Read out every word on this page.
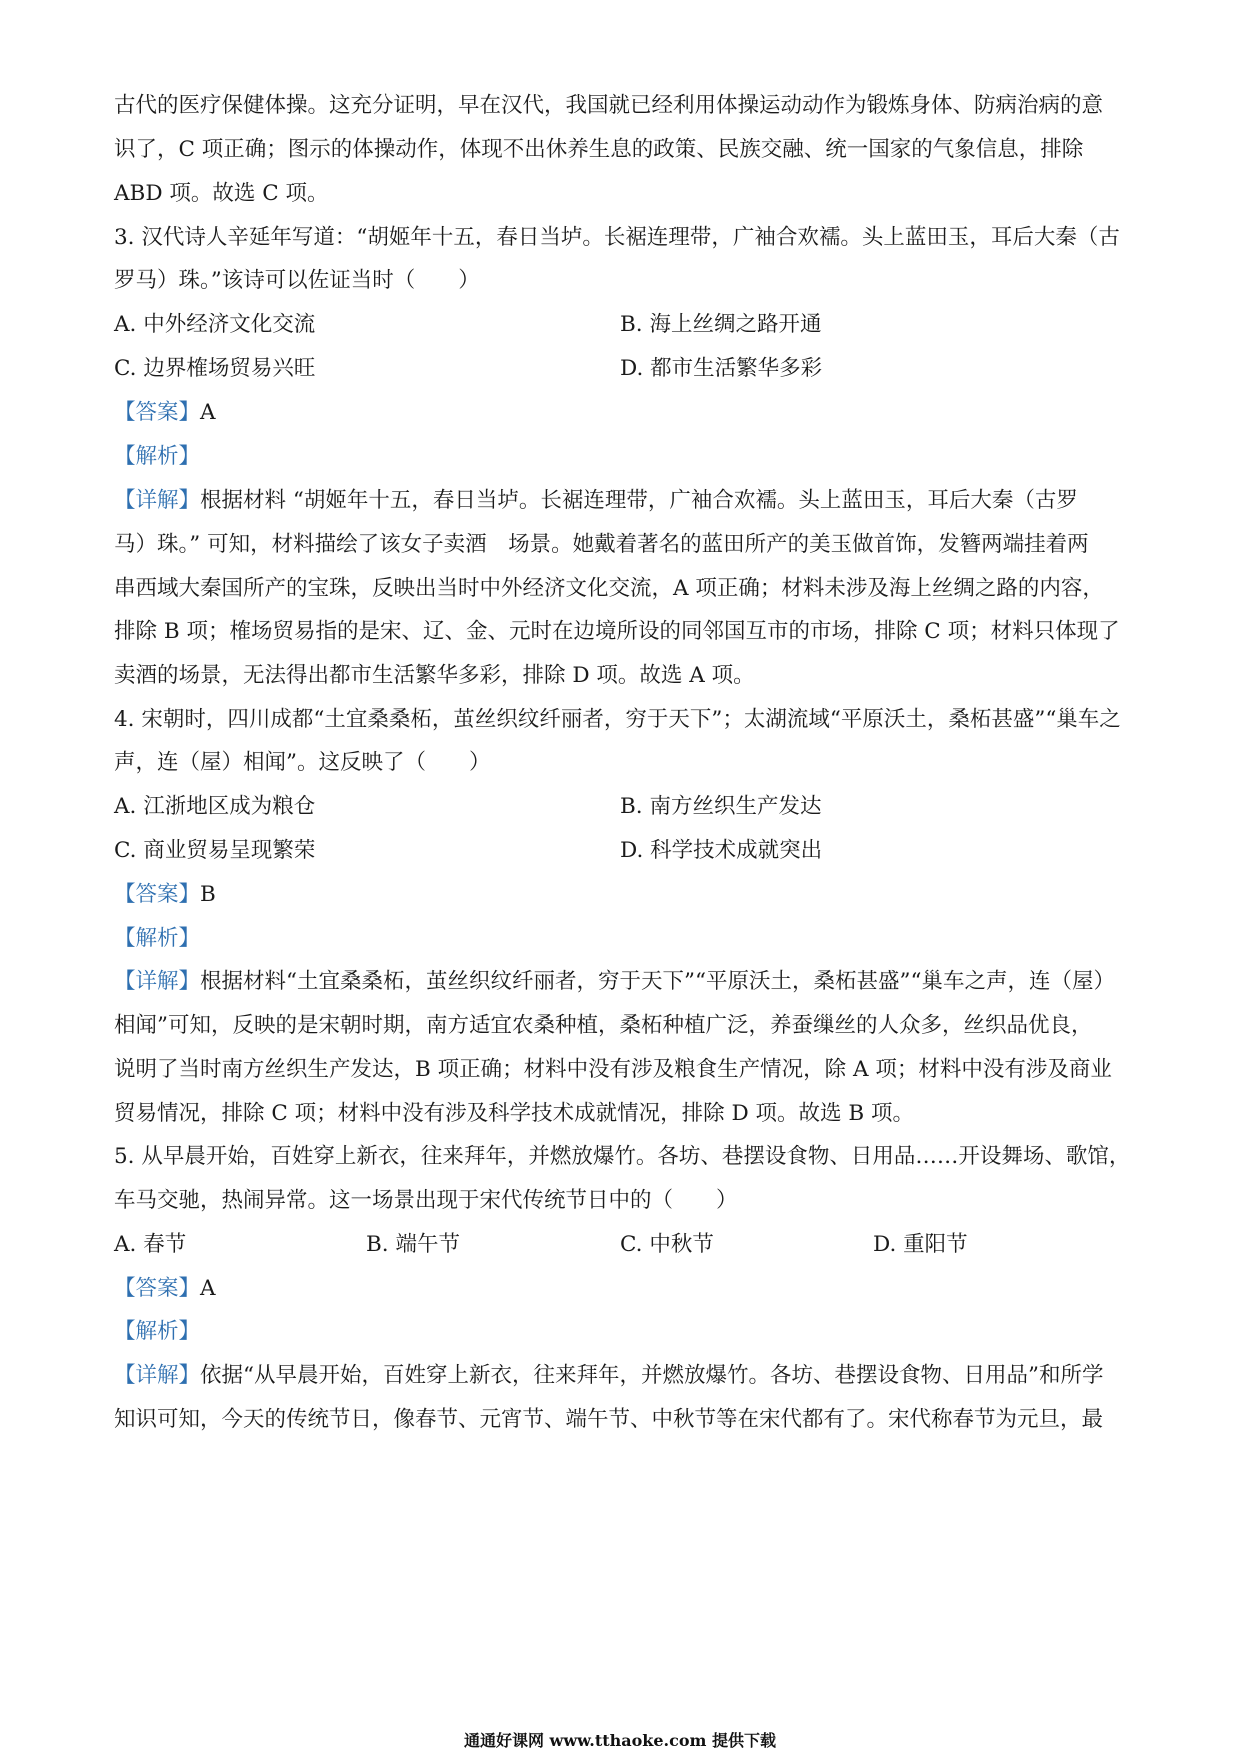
古代的医疗保健体操。这充分证明，早在汉代，我国就已经利用体操运动动作为锻炼身体、防病治病的意
识了，C 项正确；图示的体操动作，体现不出休养生息的政策、民族交融、统一国家的气象信息，排除
ABD 项。故选 C 项。
3. 汉代诗人辛延年写道：“胡姬年十五，春日当垆。长裾连理带，广袖合欢襦。头上蓝田玉，耳后大秦（古
罗马）珠。”该诗可以佐证当时（　　）
A. 中外经济文化交流	B. 海上丝绸之路开通
C. 边界榷场贸易兴旺	D. 都市生活繁华多彩
【答案】A
【解析】
【详解】根据材料 “胡姬年十五，春日当垆。长裾连理带，广袖合欢襦。头上蓝田玉，耳后大秦（古罗
马）珠。” 可知，材料描绘了该女子卖酒　场景。她戴着著名的蓝田所产的美玉做首饰，发簪两端挂着两
串西域大秦国所产的宝珠，反映出当时中外经济文化交流，A 项正确；材料未涉及海上丝绸之路的内容，
排除 B 项；榷场贸易指的是宋、辽、金、元时在边境所设的同邻国互市的市场，排除 C 项；材料只体现了
卖酒的场景，无法得出都市生活繁华多彩，排除 D 项。故选 A 项。
4. 宋朝时，四川成都“土宜桑桑柘，茧丝织纹纤丽者，穷于天下”；太湖流域“平原沃土，桑柘甚盛”“巢车之
声，连（屋）相闻”。这反映了（　　）
A. 江浙地区成为粮仓	B. 南方丝织生产发达
C. 商业贸易呈现繁荣	D. 科学技术成就突出
【答案】B
【解析】
【详解】根据材料“土宜桑桑柘，茧丝织纹纤丽者，穷于天下”“平原沃土，桑柘甚盛”“巢车之声，连（屋）
相闻”可知，反映的是宋朝时期，南方适宜农桑种植，桑柘种植广泛，养蚕缫丝的人众多，丝织品优良，
说明了当时南方丝织生产发达，B 项正确；材料中没有涉及粮食生产情况，除 A 项；材料中没有涉及商业
贸易情况，排除 C 项；材料中没有涉及科学技术成就情况，排除 D 项。故选 B 项。
5. 从早晨开始，百姓穿上新衣，往来拜年，并燃放爆竹。各坊、巷摆设食物、日用品……开设舞场、歌馆，
车马交驰，热闹异常。这一场景出现于宋代传统节日中的（　　）
A. 春节	B. 端午节	C. 中秋节	D. 重阳节
【答案】A
【解析】
【详解】依据“从早晨开始，百姓穿上新衣，往来拜年，并燃放爆竹。各坊、巷摆设食物、日用品”和所学
知识可知，今天的传统节日，像春节、元宵节、端午节、中秋节等在宋代都有了。宋代称春节为元旦，最
通通好课网 www.tthaoke.com 提供下载
